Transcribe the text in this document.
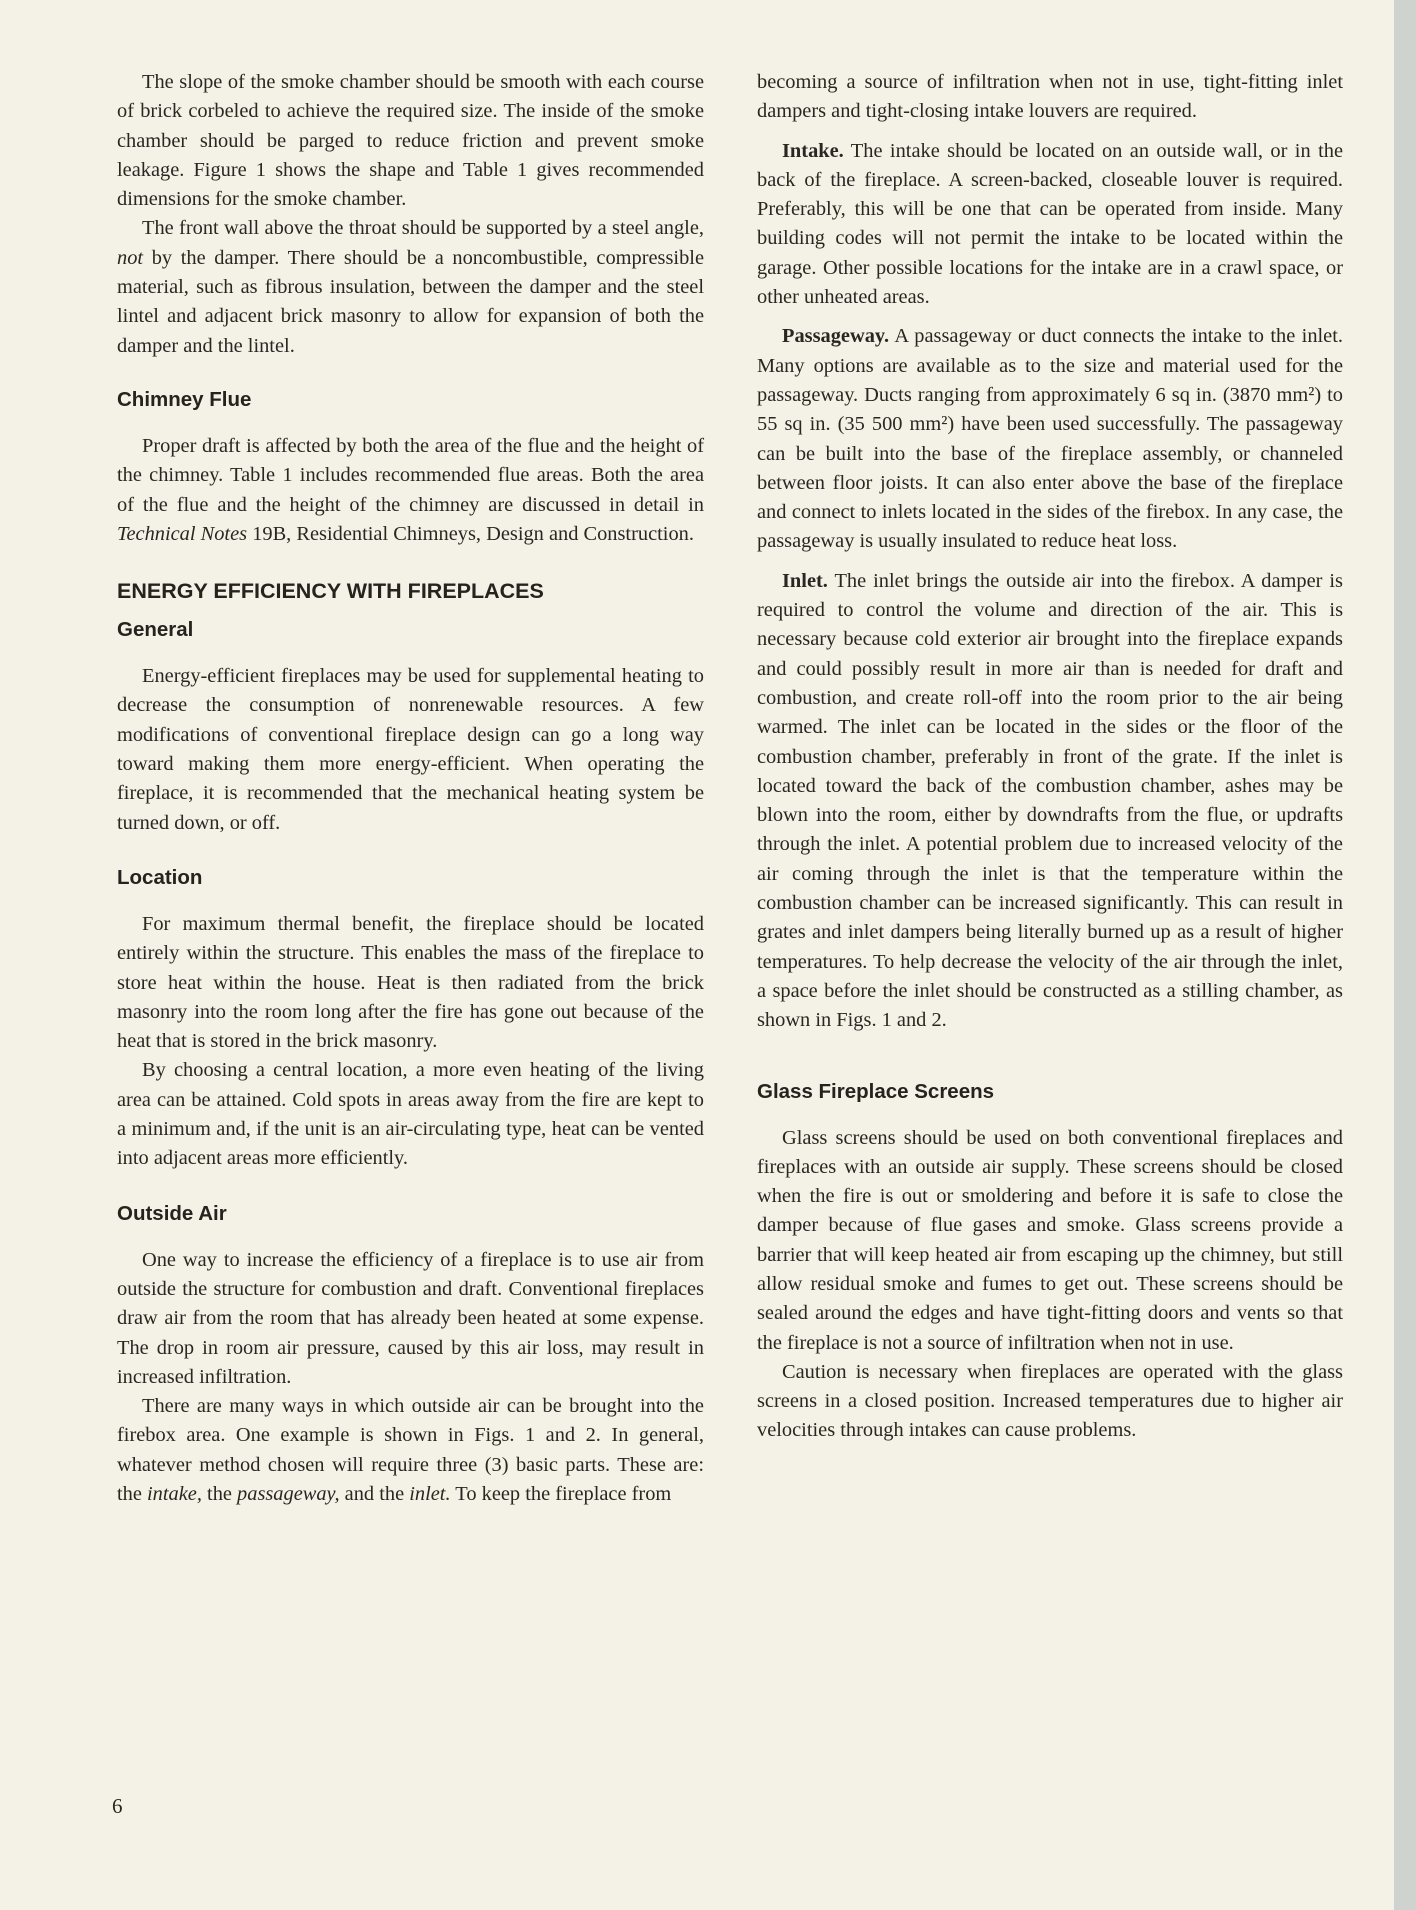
The slope of the smoke chamber should be smooth with each course of brick corbeled to achieve the required size. The inside of the smoke chamber should be parged to reduce friction and prevent smoke leakage. Figure 1 shows the shape and Table 1 gives recommended dimensions for the smoke chamber.

The front wall above the throat should be supported by a steel angle, not by the damper. There should be a noncombustible, compressible material, such as fibrous insulation, between the damper and the steel lintel and adjacent brick masonry to allow for expansion of both the damper and the lintel.

Chimney Flue

Proper draft is affected by both the area of the flue and the height of the chimney. Table 1 includes recommended flue areas. Both the area of the flue and the height of the chimney are discussed in detail in Technical Notes 19B, Residential Chimneys, Design and Construction.

ENERGY EFFICIENCY WITH FIREPLACES
General

Energy-efficient fireplaces may be used for supplemental heating to decrease the consumption of nonrenewable resources. A few modifications of conventional fireplace design can go a long way toward making them more energy-efficient. When operating the fireplace, it is recommended that the mechanical heating system be turned down, or off.

Location

For maximum thermal benefit, the fireplace should be located entirely within the structure. This enables the mass of the fireplace to store heat within the house. Heat is then radiated from the brick masonry into the room long after the fire has gone out because of the heat that is stored in the brick masonry.

By choosing a central location, a more even heating of the living area can be attained. Cold spots in areas away from the fire are kept to a minimum and, if the unit is an air-circulating type, heat can be vented into adjacent areas more efficiently.

Outside Air

One way to increase the efficiency of a fireplace is to use air from outside the structure for combustion and draft. Conventional fireplaces draw air from the room that has already been heated at some expense. The drop in room air pressure, caused by this air loss, may result in increased infiltration.

There are many ways in which outside air can be brought into the firebox area. One example is shown in Figs. 1 and 2. In general, whatever method chosen will require three (3) basic parts. These are: the intake, the passageway, and the inlet. To keep the fireplace from

becoming a source of infiltration when not in use, tight-fitting inlet dampers and tight-closing intake louvers are required.

Intake. The intake should be located on an outside wall, or in the back of the fireplace. A screen-backed, closeable louver is required. Preferably, this will be one that can be operated from inside. Many building codes will not permit the intake to be located within the garage. Other possible locations for the intake are in a crawl space, or other unheated areas.

Passageway. A passageway or duct connects the intake to the inlet. Many options are available as to the size and material used for the passageway. Ducts ranging from approximately 6 sq in. (3870 mm²) to 55 sq in. (35 500 mm²) have been used successfully. The passageway can be built into the base of the fireplace assembly, or channeled between floor joists. It can also enter above the base of the fireplace and connect to inlets located in the sides of the firebox. In any case, the passageway is usually insulated to reduce heat loss.

Inlet. The inlet brings the outside air into the firebox. A damper is required to control the volume and direction of the air. This is necessary because cold exterior air brought into the fireplace expands and could possibly result in more air than is needed for draft and combustion, and create roll-off into the room prior to the air being warmed. The inlet can be located in the sides or the floor of the combustion chamber, preferably in front of the grate. If the inlet is located toward the back of the combustion chamber, ashes may be blown into the room, either by downdrafts from the flue, or updrafts through the inlet. A potential problem due to increased velocity of the air coming through the inlet is that the temperature within the combustion chamber can be increased significantly. This can result in grates and inlet dampers being literally burned up as a result of higher temperatures. To help decrease the velocity of the air through the inlet, a space before the inlet should be constructed as a stilling chamber, as shown in Figs. 1 and 2.

Glass Fireplace Screens

Glass screens should be used on both conventional fireplaces and fireplaces with an outside air supply. These screens should be closed when the fire is out or smoldering and before it is safe to close the damper because of flue gases and smoke. Glass screens provide a barrier that will keep heated air from escaping up the chimney, but still allow residual smoke and fumes to get out. These screens should be sealed around the edges and have tight-fitting doors and vents so that the fireplace is not a source of infiltration when not in use.

Caution is necessary when fireplaces are operated with the glass screens in a closed position. Increased temperatures due to higher air velocities through intakes can cause problems.

6
